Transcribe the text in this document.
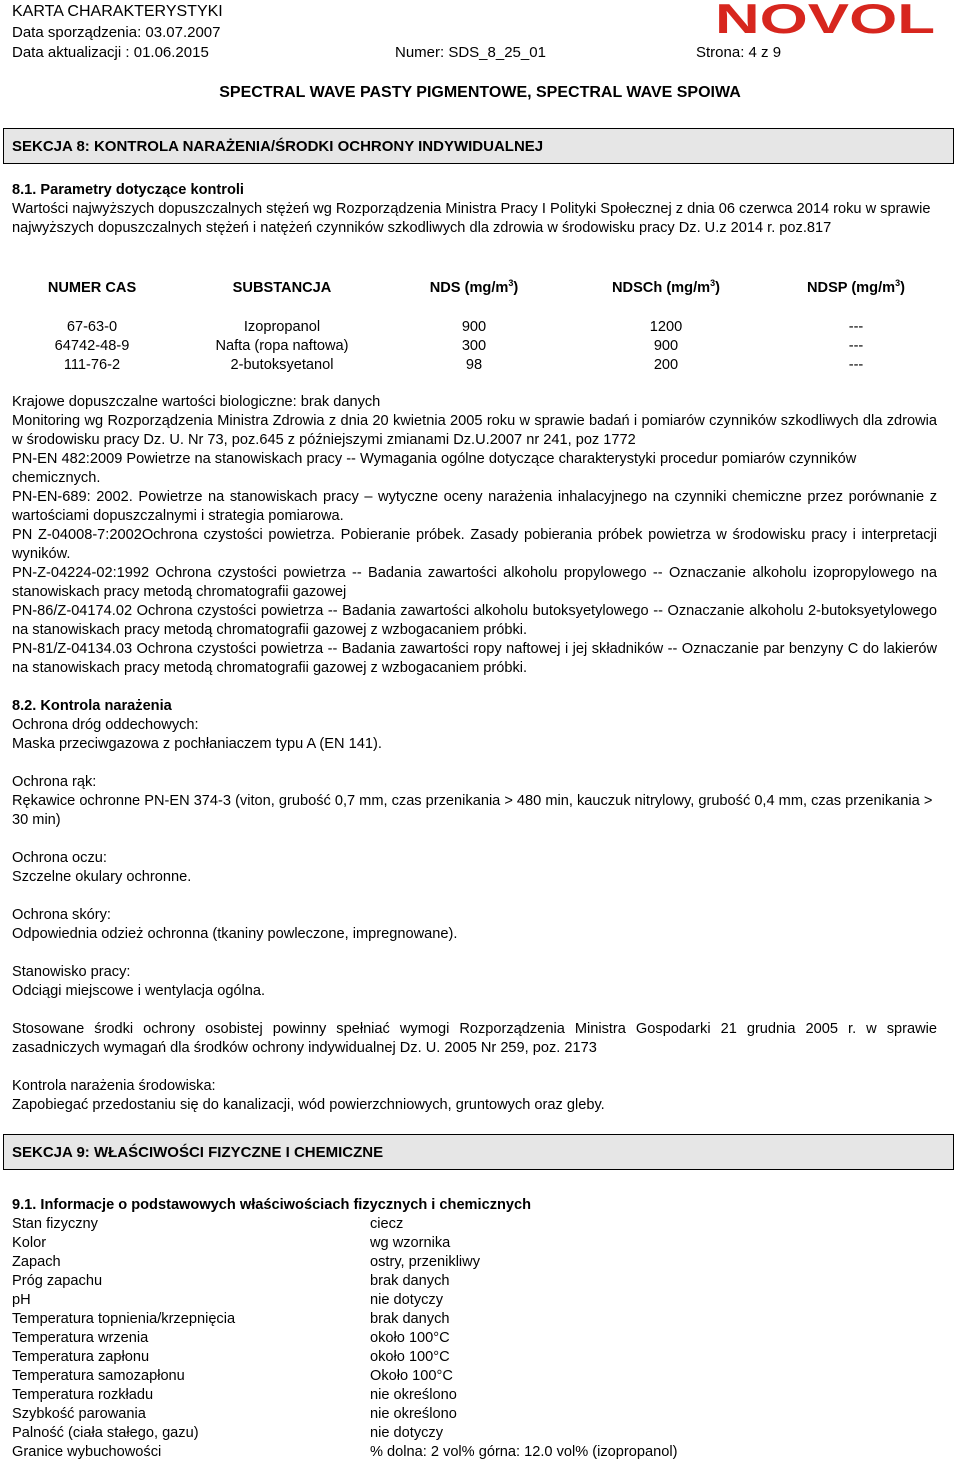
KARTA CHARAKTERYSTYKI
Data sporządzenia: 03.07.2007
Data aktualizacji : 01.06.2015	Numer: SDS_8_25_01	Strona: 4 z 9
NOVOL
SPECTRAL WAVE PASTY PIGMENTOWE, SPECTRAL WAVE SPOIWA
SEKCJA 8: KONTROLA NARAŻENIA/ŚRODKI OCHRONY INDYWIDUALNEJ
8.1. Parametry dotyczące kontroli
Wartości najwyższych dopuszczalnych stężeń wg Rozporządzenia Ministra Pracy I Polityki Społecznej z dnia 06 czerwca 2014 roku w sprawie najwyższych dopuszczalnych stężeń i natężeń czynników szkodliwych dla zdrowia w środowisku pracy Dz. U.z 2014 r. poz.817
NUMER CAS	SUBSTANCJA	NDS $(mg/m^3)$	NDSCh $(mg/m^3)$	NDSP $(mg/m^3)$
67-63-0	Izopropanol	900	1200	---
64742-48-9	Nafta (ropa naftowa)	300	900	---
111-76-2	2-butoksyetanol	98	200	---
Krajowe dopuszczalne wartości biologiczne: brak danych
Monitoring wg Rozporządzenia Ministra Zdrowia z dnia 20 kwietnia 2005 roku w sprawie badań i pomiarów czynników szkodliwych dla zdrowia w środowisku pracy Dz. U. Nr 73, poz.645 z późniejszymi zmianami Dz.U.2007 nr 241, poz 1772
PN-EN 482:2009 Powietrze na stanowiskach pracy -- Wymagania ogólne dotyczące charakterystyki procedur pomiarów czynników chemicznych.
PN-EN-689: 2002. Powietrze na stanowiskach pracy – wytyczne oceny narażenia inhalacyjnego na czynniki chemiczne przez porównanie z wartościami dopuszczalnymi i strategia pomiarowa.
PN Z-04008-7:2002Ochrona czystości powietrza. Pobieranie próbek. Zasady pobierania próbek powietrza w środowisku pracy i interpretacji wyników.
PN-Z-04224-02:1992 Ochrona czystości powietrza -- Badania zawartości alkoholu propylowego -- Oznaczanie alkoholu izopropylowego na stanowiskach pracy metodą chromatografii gazowej
PN-86/Z-04174.02 Ochrona czystości powietrza -- Badania zawartości alkoholu butoksyetylowego -- Oznaczanie alkoholu 2-butoksyetylowego na stanowiskach pracy metodą chromatografii gazowej z wzbogacaniem próbki.
PN-81/Z-04134.03 Ochrona czystości powietrza -- Badania zawartości ropy naftowej i jej składników -- Oznaczanie par benzyny C do lakierów na stanowiskach pracy metodą chromatografii gazowej z wzbogacaniem próbki.
8.2. Kontrola narażenia
Ochrona dróg oddechowych:
Maska przeciwgazowa z pochłaniaczem typu A (EN 141).
Ochrona rąk:
Rękawice ochronne PN-EN 374-3 (viton, grubość 0,7 mm, czas przenikania > 480 min, kauczuk nitrylowy, grubość 0,4 mm, czas przenikania > 30 min)
Ochrona oczu:
Szczelne okulary ochronne.
Ochrona skóry:
Odpowiednia odzież ochronna (tkaniny powleczone, impregnowane).
Stanowisko pracy:
Odciągi miejscowe i wentylacja ogólna.
Stosowane środki ochrony osobistej powinny spełniać wymogi Rozporządzenia Ministra Gospodarki 21 grudnia 2005 r. w sprawie zasadniczych wymagań dla środków ochrony indywidualnej Dz. U. 2005 Nr 259, poz. 2173
Kontrola narażenia środowiska:
Zapobiegać przedostaniu się do kanalizacji, wód powierzchniowych, gruntowych oraz gleby.
SEKCJA 9: WŁAŚCIWOŚCI FIZYCZNE I CHEMICZNE
9.1. Informacje o podstawowych właściwościach fizycznych i chemicznych
Stan fizyczny	ciecz
Kolor	wg wzornika
Zapach	ostry, przenikliwy
Próg zapachu	brak danych
pH	nie dotyczy
Temperatura topnienia/krzepnięcia	brak danych
Temperatura wrzenia	około 100°C
Temperatura zapłonu	około 100°C
Temperatura samozapłonu	Około 100°C
Temperatura rozkładu	nie określono
Szybkość parowania	nie określono
Palność (ciała stałego, gazu)	nie dotyczy
Granice wybuchowości	% dolna: 2 vol% górna: 12.0 vol% (izopropanol)
